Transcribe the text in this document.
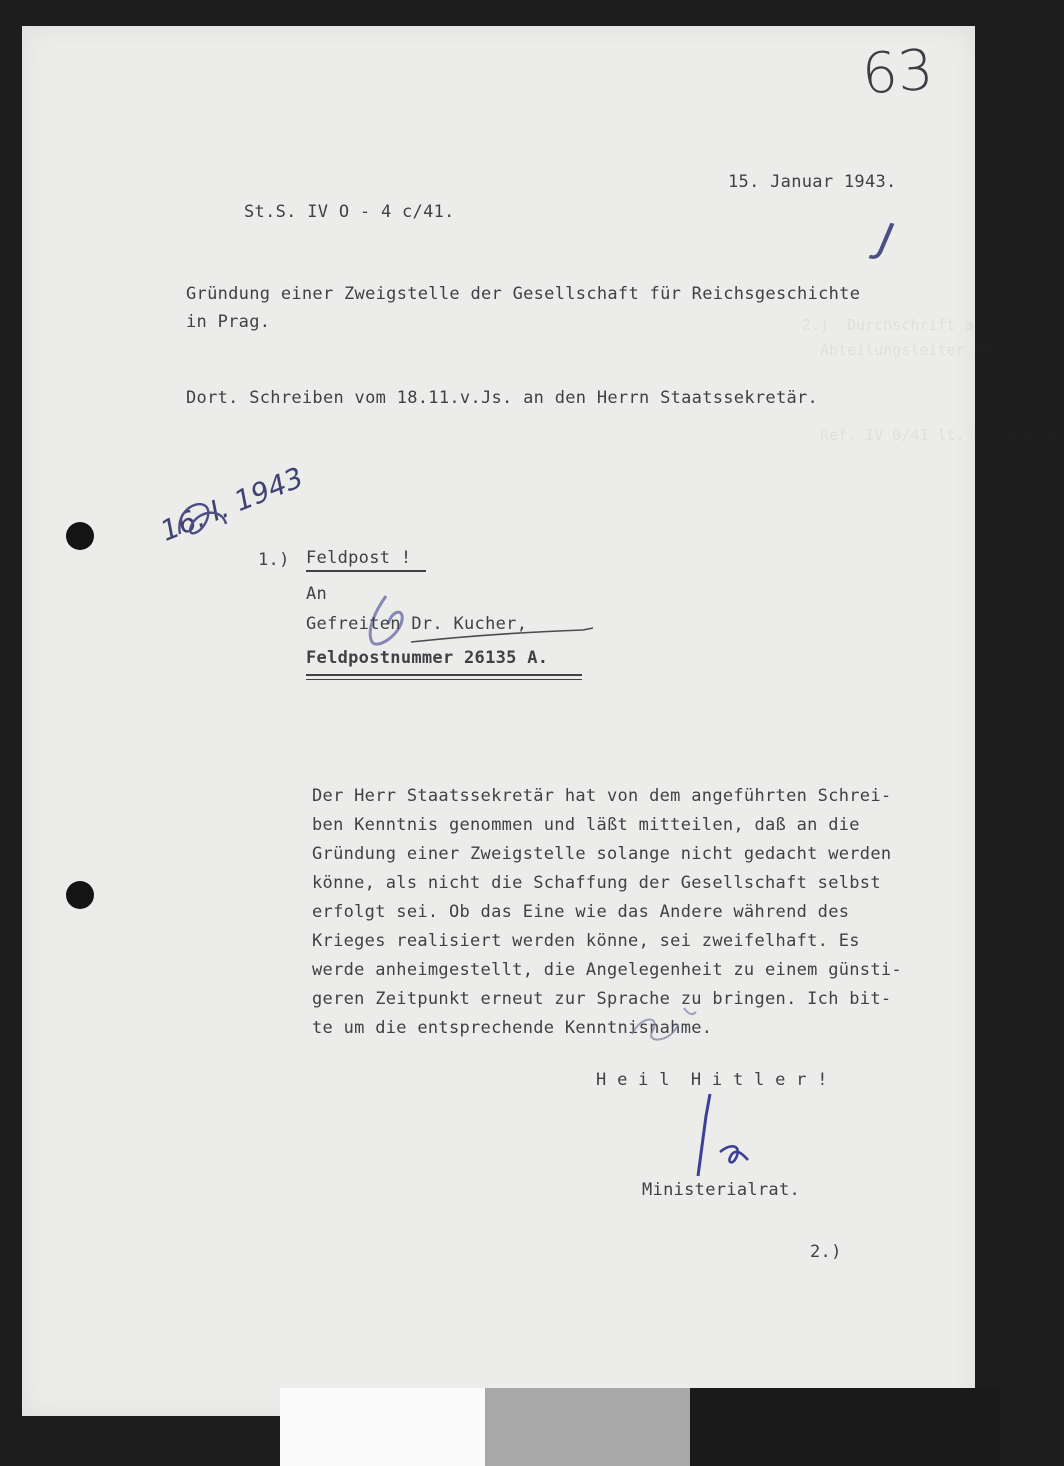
2.)  Durchschrift an
Abteilungsleiter Abt.
Ref. IV 0/41 lt. Dr. Kucher
63
15. Januar 1943.
J
St.S. IV O - 4 c/41.
Gründung einer Zweigstelle der Gesellschaft für Reichsgeschichte
in Prag.
Dort. Schreiben vom 18.11.v.Js. an den Herrn Staatssekretär.
16. I. 1943
1.) Feldpost !
An
Gefreiten Dr. Kucher,
Feldpostnummer 26135 A.
Der Herr Staatssekretär hat von dem angeführten Schrei-
ben Kenntnis genommen und läßt mitteilen, daß an die
Gründung einer Zweigstelle solange nicht gedacht werden
könne, als nicht die Schaffung der Gesellschaft selbst
erfolgt sei. Ob das Eine wie das Andere während des
Krieges realisiert werden könne, sei zweifelhaft. Es
werde anheimgestellt, die Angelegenheit zu einem günsti-
geren Zeitpunkt erneut zur Sprache zu bringen. Ich bit-
te um die entsprechende Kenntnisnahme.
H e i l  H i t l e r !
Ministerialrat.
2.)
